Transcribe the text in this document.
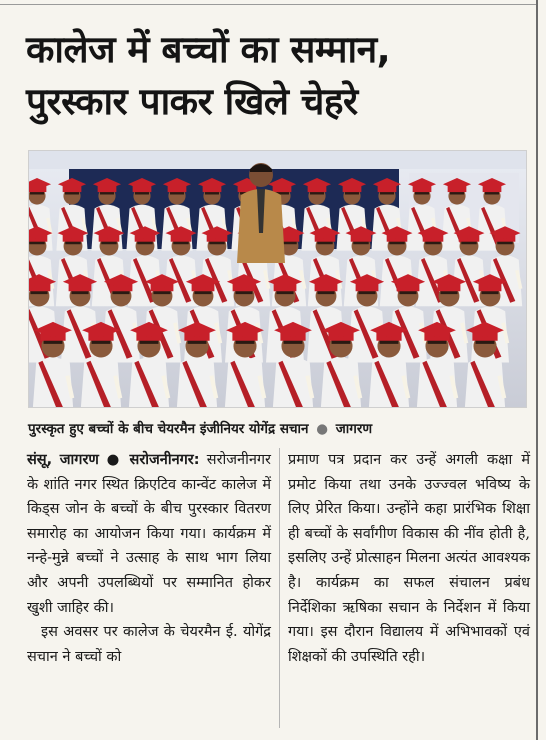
कालेज में बच्चों का सम्मान,
पुरस्कार पाकर खिले चेहरे
पुरस्कृत हुए बच्चों के बीच चेयरमैन इंजीनियर योगेंद्र सचान ● जागरण

संसू, जागरण ● सरोजनीनगर: सरोजनीनगर के शांति नगर स्थित क्रिएटिव कान्वेंट कालेज में किड्स जोन के बच्चों के बीच पुरस्कार वितरण समारोह का आयोजन किया गया। कार्यक्रम में नन्हे-मुन्ने बच्चों ने उत्साह के साथ भाग लिया और अपनी उपलब्धियों पर सम्मानित होकर खुशी जाहिर की।

इस अवसर पर कालेज के चेयरमैन ई. योगेंद्र सचान ने बच्चों को

प्रमाण पत्र प्रदान कर उन्हें अगली कक्षा में प्रमोट किया तथा उनके उज्ज्वल भविष्य के लिए प्रेरित किया। उन्होंने कहा प्रारंभिक शिक्षा ही बच्चों के सर्वांगीण विकास की नींव होती है, इसलिए उन्हें प्रोत्साहन मिलना अत्यंत आवश्यक है। कार्यक्रम का सफल संचालन प्रबंध निर्देशिका ऋषिका सचान के निर्देशन में किया गया। इस दौरान विद्यालय में अभिभावकों एवं शिक्षकों की उपस्थिति रही।
